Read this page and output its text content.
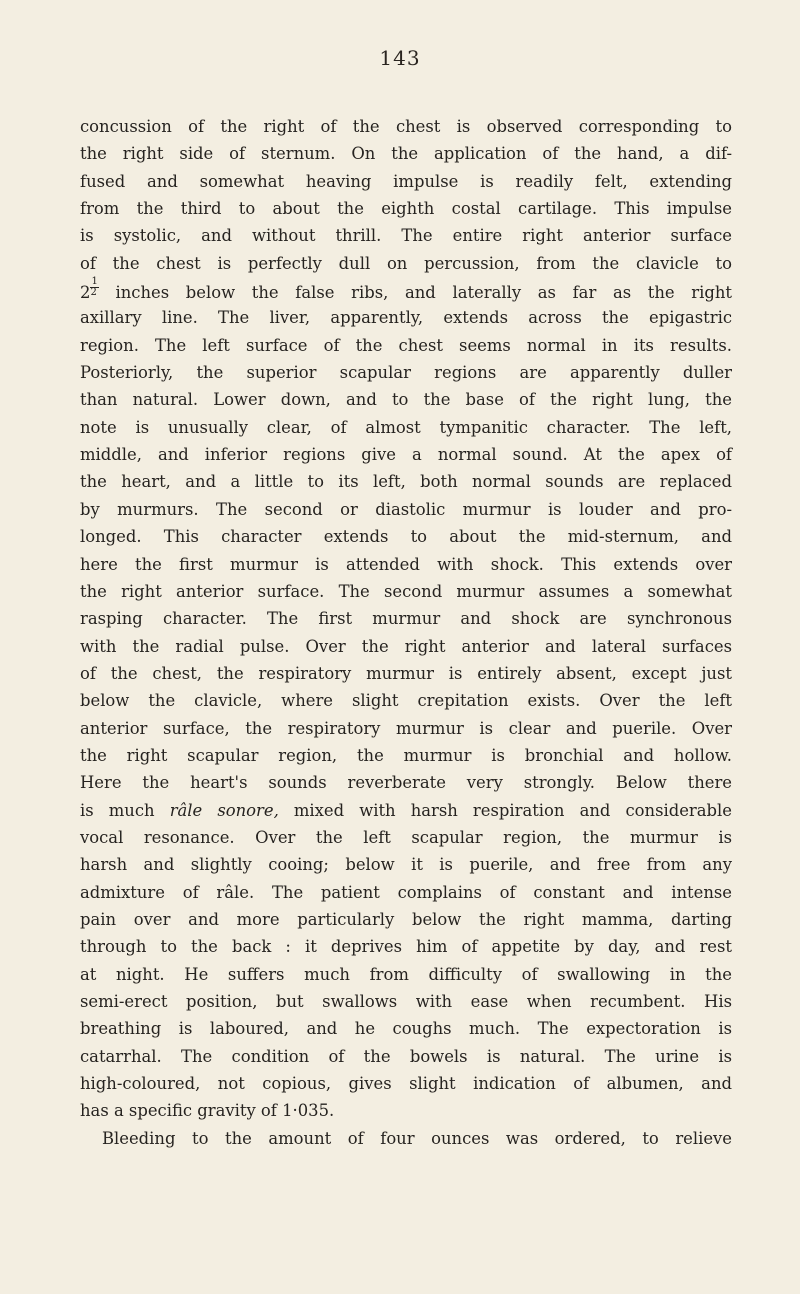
143
concussion of the right of the chest is observed corresponding to
the right side of sternum. On the application of the hand, a dif-
fused and somewhat heaving impulse is readily felt, extending
from the third to about the eighth costal cartilage. This impulse
is systolic, and without thrill. The entire right anterior surface
of the chest is perfectly dull on percussion, from the clavicle to
$2 \frac{1}{2}$ inches below the false ribs, and laterally as far as the right
axillary line. The liver, apparently, extends across the epigastric
region. The left surface of the chest seems normal in its results.
Posteriorly, the superior scapular regions are apparently duller
than natural. Lower down, and to the base of the right lung, the
note is unusually clear, of almost tympanitic character. The left,
middle, and inferior regions give a normal sound. At the apex of
the heart, and a little to its left, both normal sounds are replaced
by murmurs. The second or diastolic murmur is louder and pro-
longed. This character extends to about the mid-sternum, and
here the first murmur is attended with shock. This extends over
the right anterior surface. The second murmur assumes a somewhat
rasping character. The first murmur and shock are synchronous
with the radial pulse. Over the right anterior and lateral surfaces
of the chest, the respiratory murmur is entirely absent, except just
below the clavicle, where slight crepitation exists. Over the left
anterior surface, the respiratory murmur is clear and puerile. Over
the right scapular region, the murmur is bronchial and hollow.
Here the heart's sounds reverberate very strongly. Below there
is much râle sonore, mixed with harsh respiration and considerable
vocal resonance. Over the left scapular region, the murmur is
harsh and slightly cooing; below it is puerile, and free from any
admixture of râle. The patient complains of constant and intense
pain over and more particularly below the right mamma, darting
through to the back : it deprives him of appetite by day, and rest
at night. He suffers much from difficulty of swallowing in the
semi-erect position, but swallows with ease when recumbent. His
breathing is laboured, and he coughs much. The expectoration is
catarrhal. The condition of the bowels is natural. The urine is
high-coloured, not copious, gives slight indication of albumen, and
has a specific gravity of 1·035.
Bleeding to the amount of four ounces was ordered, to relieve
